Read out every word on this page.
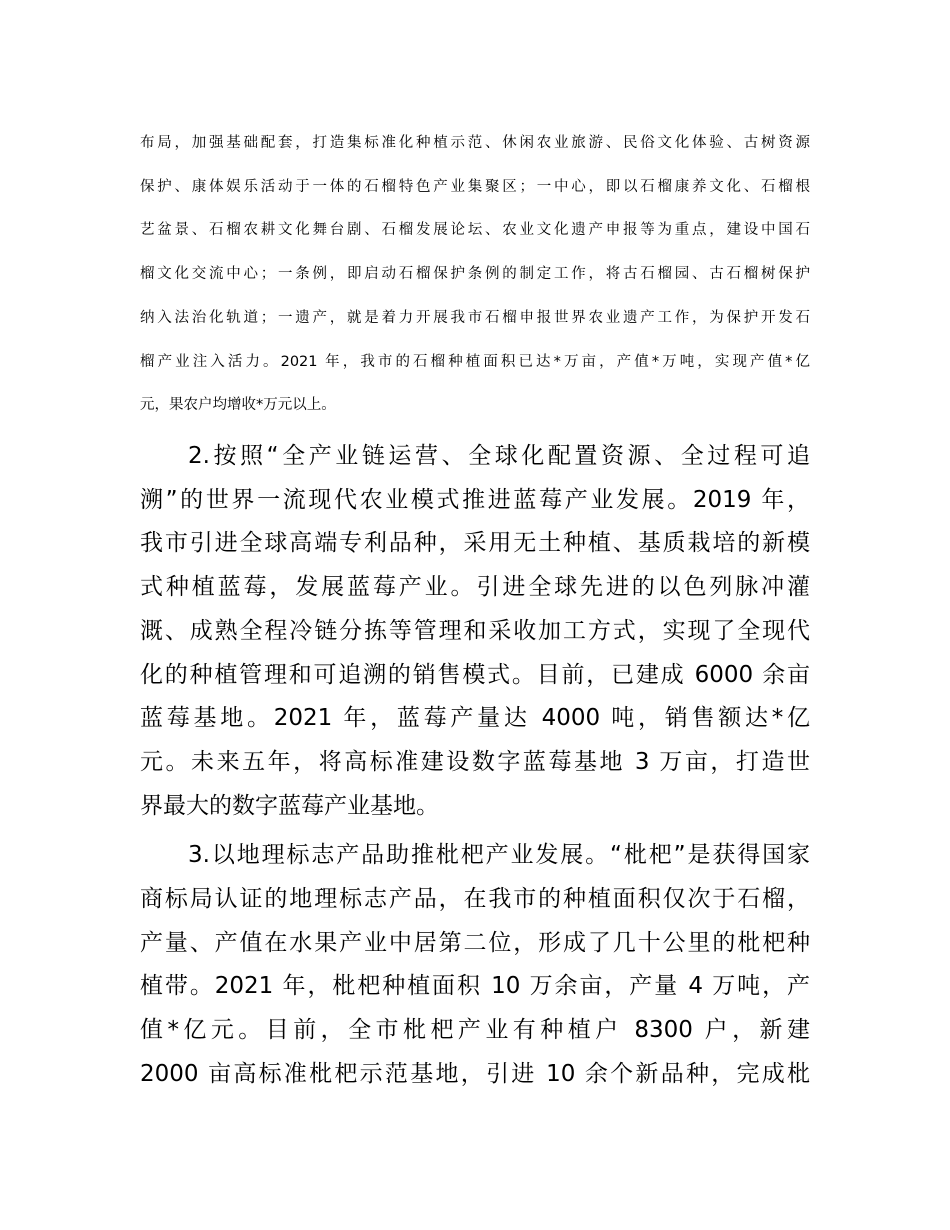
布局，加强基础配套，打造集标准化种植示范、休闲农业旅游、民俗文化体验、古树资源

保护、康体娱乐活动于一体的石榴特色产业集聚区；一中心，即以石榴康养文化、石榴根

艺盆景、石榴农耕文化舞台剧、石榴发展论坛、农业文化遗产申报等为重点，建设中国石

榴文化交流中心；一条例，即启动石榴保护条例的制定工作，将古石榴园、古石榴树保护

纳入法治化轨道；一遗产，就是着力开展我市石榴申报世界农业遗产工作，为保护开发石

榴产业注入活力。2021 年，我市的石榴种植面积已达*万亩，产值*万吨，实现产值*亿

元，果农户均增收*万元以上。

2.按照“全产业链运营、全球化配置资源、全过程可追

溯”的世界一流现代农业模式推进蓝莓产业发展。2019 年，

我市引进全球高端专利品种，采用无土种植、基质栽培的新模

式种植蓝莓，发展蓝莓产业。引进全球先进的以色列脉冲灌

溉、成熟全程冷链分拣等管理和采收加工方式，实现了全现代

化的种植管理和可追溯的销售模式。目前，已建成 6000 余亩

蓝莓基地。2021 年，蓝莓产量达 4000 吨，销售额达*亿

元。未来五年，将高标准建设数字蓝莓基地 3 万亩，打造世

界最大的数字蓝莓产业基地。

3.以地理标志产品助推枇杷产业发展。“枇杷”是获得国家

商标局认证的地理标志产品，在我市的种植面积仅次于石榴，

产量、产值在水果产业中居第二位，形成了几十公里的枇杷种

植带。2021 年，枇杷种植面积 10 万余亩，产量 4 万吨，产

值*亿元。目前，全市枇杷产业有种植户 8300 户，新建

2000 亩高标准枇杷示范基地，引进 10 余个新品种，完成枇
